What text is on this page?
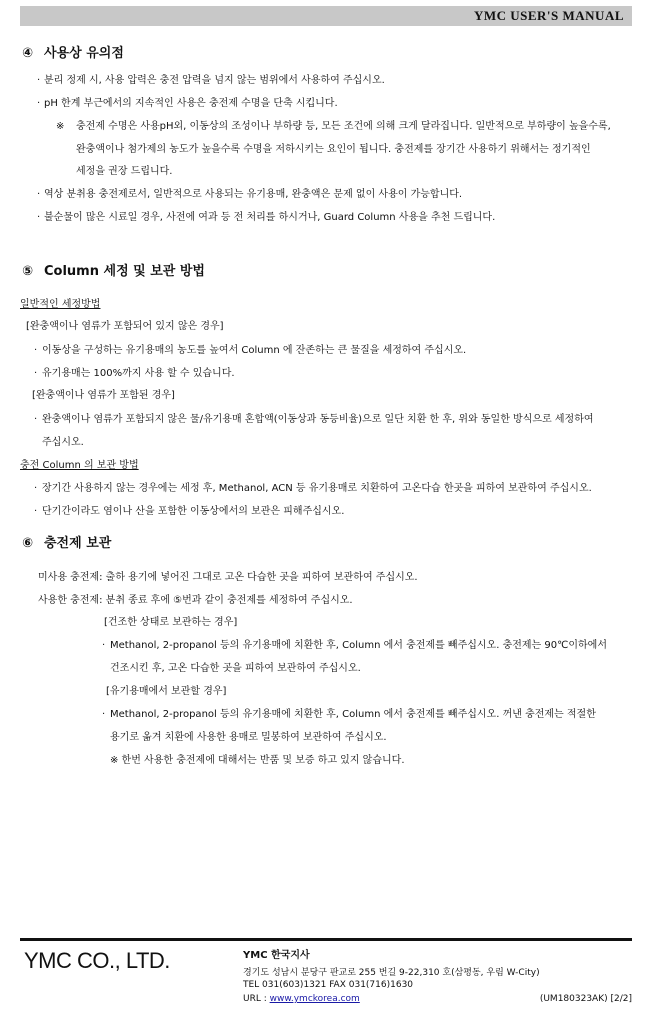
YMC USER'S MANUAL
④ 사용상 유의점
· 분리 정제 시, 사용 압력은 충전 압력을 넘지 않는 범위에서 사용하여 주십시오.
· pH 한계 부근에서의 지속적인 사용은 충전제 수명을 단축 시킵니다.
※ 충전제 수명은 사용pH외, 이동상의 조성이나 부하량 등, 모든 조건에 의해 크게 달라집니다. 일반적으로 부하량이 높을수록,
완충액이나 첨가제의 농도가 높을수록 수명을 저하시키는 요인이 됩니다. 충전제를 장기간 사용하기 위해서는 정기적인
세정을 권장 드립니다.
· 역상 분취용 충전제로서, 일반적으로 사용되는 유기용매, 완충액은 문제 없이 사용이 가능합니다.
· 불순물이 많은 시료일 경우, 사전에 여과 등 전 처리를 하시거나, Guard Column 사용을 추천 드립니다.
⑤ Column 세정 및 보관 방법
일반적인 세정방법
[완충액이나 염류가 포함되어 있지 않은 경우]
· 이동상을 구성하는 유기용매의 농도를 높여서 Column 에 잔존하는 큰 물질을 세정하여 주십시오.
· 유기용매는 100%까지 사용 할 수 있습니다.
[완충액이나 염류가 포함된 경우]
· 완충액이나 염류가 포함되지 않은 물/유기용매 혼합액(이동상과 동등비율)으로 일단 치환 한 후, 위와 동일한 방식으로 세정하여
주십시오.
충전 Column 의 보관 방법
· 장기간 사용하지 않는 경우에는 세정 후, Methanol, ACN 등 유기용매로 치환하여 고온다습 한곳을 피하여 보관하여 주십시오.
· 단기간이라도 염이나 산을 포함한 이동상에서의 보관은 피해주십시오.
⑥ 충전제 보관
미사용 충전제: 출하 용기에 넣어진 그대로 고온 다습한 곳을 피하여 보관하여 주십시오.
사용한 충전제: 분취 종료 후에 ⑤번과 같이 충전제를 세정하여 주십시오.
[건조한 상태로 보관하는 경우]
· Methanol, 2-propanol 등의 유기용매에 치환한 후, Column 에서 충전제를 빼주십시오. 충전제는 90℃이하에서
건조시킨 후, 고온 다습한 곳을 피하여 보관하여 주십시오.
[유기용매에서 보관할 경우]
· Methanol, 2-propanol 등의 유기용매에 치환한 후, Column 에서 충전제를 빼주십시오. 꺼낸 충전제는 적절한
용기로 옮겨 치환에 사용한 용매로 밀봉하여 보관하여 주십시오.
※ 한번 사용한 충전제에 대해서는 반품 및 보증 하고 있지 않습니다.
YMC CO., LTD.	YMC 한국지사
경기도 성남시 분당구 판교로 255 번길 9-22,310 호(삼평동, 우림 W-City)
TEL 031(603)1321 FAX 031(716)1630
URL : www.ymckorea.com	(UM180323AK) [2/2]
